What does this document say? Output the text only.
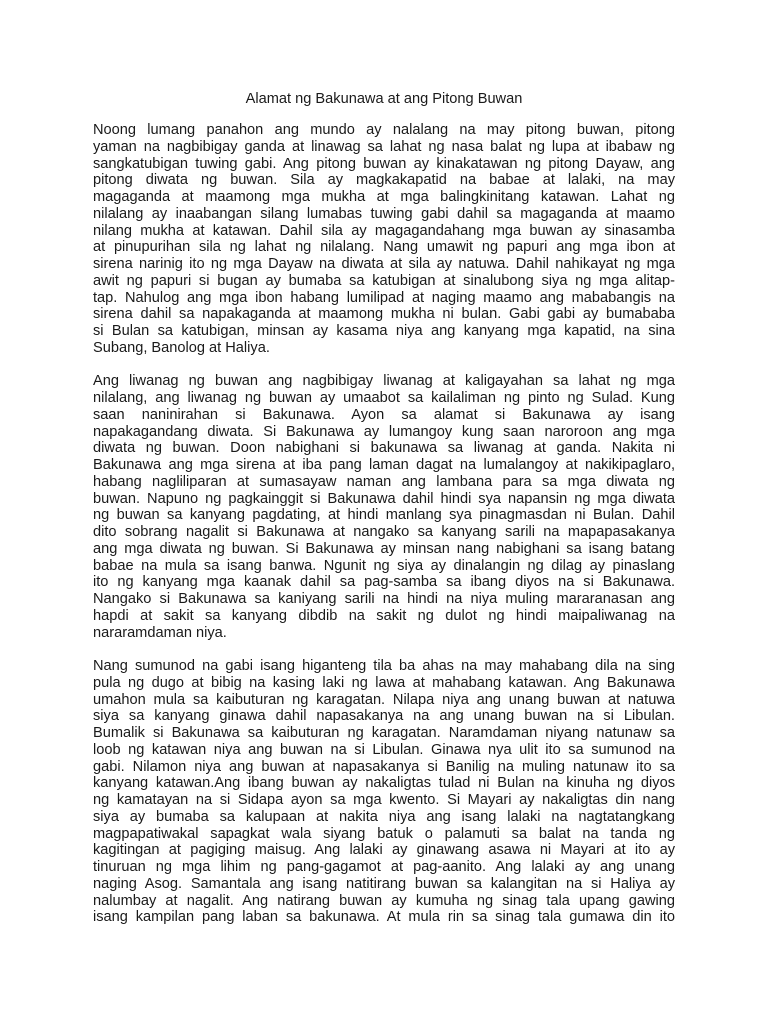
Alamat ng Bakunawa at ang Pitong Buwan
Noong lumang panahon ang mundo ay nalalang na may pitong buwan, pitong
yaman na nagbibigay ganda at linawag sa lahat ng nasa balat ng lupa at ibabaw ng
sangkatubigan tuwing gabi. Ang pitong buwan ay kinakatawan ng pitong Dayaw, ang
pitong diwata ng buwan. Sila ay magkakapatid na babae at lalaki, na may
magaganda at maamong mga mukha at mga balingkinitang katawan. Lahat ng
nilalang ay inaabangan silang lumabas tuwing gabi dahil sa magaganda at maamo
nilang mukha at katawan. Dahil sila ay magagandahang mga buwan ay sinasamba
at pinupurihan sila ng lahat ng nilalang. Nang umawit ng papuri ang mga ibon at
sirena narinig ito ng mga Dayaw na diwata at sila ay natuwa. Dahil nahikayat ng mga
awit ng papuri si bugan ay bumaba sa katubigan at sinalubong siya ng mga alitap-
tap. Nahulog ang mga ibon habang lumilipad at naging maamo ang mababangis na
sirena dahil sa napakaganda at maamong mukha ni bulan. Gabi gabi ay bumababa
si Bulan sa katubigan, minsan ay kasama niya ang kanyang mga kapatid, na sina
Subang, Banolog at Haliya.
Ang liwanag ng buwan ang nagbibigay liwanag at kaligayahan sa lahat ng mga
nilalang, ang liwanag ng buwan ay umaabot sa kailaliman ng pinto ng Sulad. Kung
saan naninirahan si Bakunawa. Ayon sa alamat si Bakunawa ay isang
napakagandang diwata. Si Bakunawa ay lumangoy kung saan naroroon ang mga
diwata ng buwan. Doon nabighani si bakunawa sa liwanag at ganda. Nakita ni
Bakunawa ang mga sirena at iba pang laman dagat na lumalangoy at nakikipaglaro,
habang nagliliparan at sumasayaw naman ang lambana para sa mga diwata ng
buwan. Napuno ng pagkainggit si Bakunawa dahil hindi sya napansin ng mga diwata
ng buwan sa kanyang pagdating, at hindi manlang sya pinagmasdan ni Bulan. Dahil
dito sobrang nagalit si Bakunawa at nangako sa kanyang sarili na mapapasakanya
ang mga diwata ng buwan. Si Bakunawa ay minsan nang nabighani sa isang batang
babae na mula sa isang banwa. Ngunit ng siya ay dinalangin ng dilag ay pinaslang
ito ng kanyang mga kaanak dahil sa pag-samba sa ibang diyos na si Bakunawa.
Nangako si Bakunawa sa kaniyang sarili na hindi na niya muling mararanasan ang
hapdi at sakit sa kanyang dibdib na sakit ng dulot ng hindi maipaliwanag na
nararamdaman niya.
Nang sumunod na gabi isang higanteng tila ba ahas na may mahabang dila na sing
pula ng dugo at bibig na kasing laki ng lawa at mahabang katawan. Ang Bakunawa
umahon mula sa kaibuturan ng karagatan. Nilapa niya ang unang buwan at natuwa
siya sa kanyang ginawa dahil napasakanya na ang unang buwan na si Libulan.
Bumalik si Bakunawa sa kaibuturan ng karagatan. Naramdaman niyang natunaw sa
loob ng katawan niya ang buwan na si Libulan. Ginawa nya ulit ito sa sumunod na
gabi. Nilamon niya ang buwan at napasakanya si Banilig na muling natunaw ito sa
kanyang katawan.Ang ibang buwan ay nakaligtas tulad ni Bulan na kinuha ng diyos
ng kamatayan na si Sidapa ayon sa mga kwento. Si Mayari ay nakaligtas din nang
siya ay bumaba sa kalupaan at nakita niya ang isang lalaki na nagtatangkang
magpapatiwakal sapagkat wala siyang batuk o palamuti sa balat na tanda ng
kagitingan at pagiging maisug. Ang lalaki ay ginawang asawa ni Mayari at ito ay
tinuruan ng mga lihim ng pang-gagamot at pag-aanito. Ang lalaki ay ang unang
naging Asog. Samantala ang isang natitirang buwan sa kalangitan na si Haliya ay
nalumbay at nagalit. Ang natirang buwan ay kumuha ng sinag tala upang gawing
isang kampilan pang laban sa bakunawa. At mula rin sa sinag tala gumawa din ito
